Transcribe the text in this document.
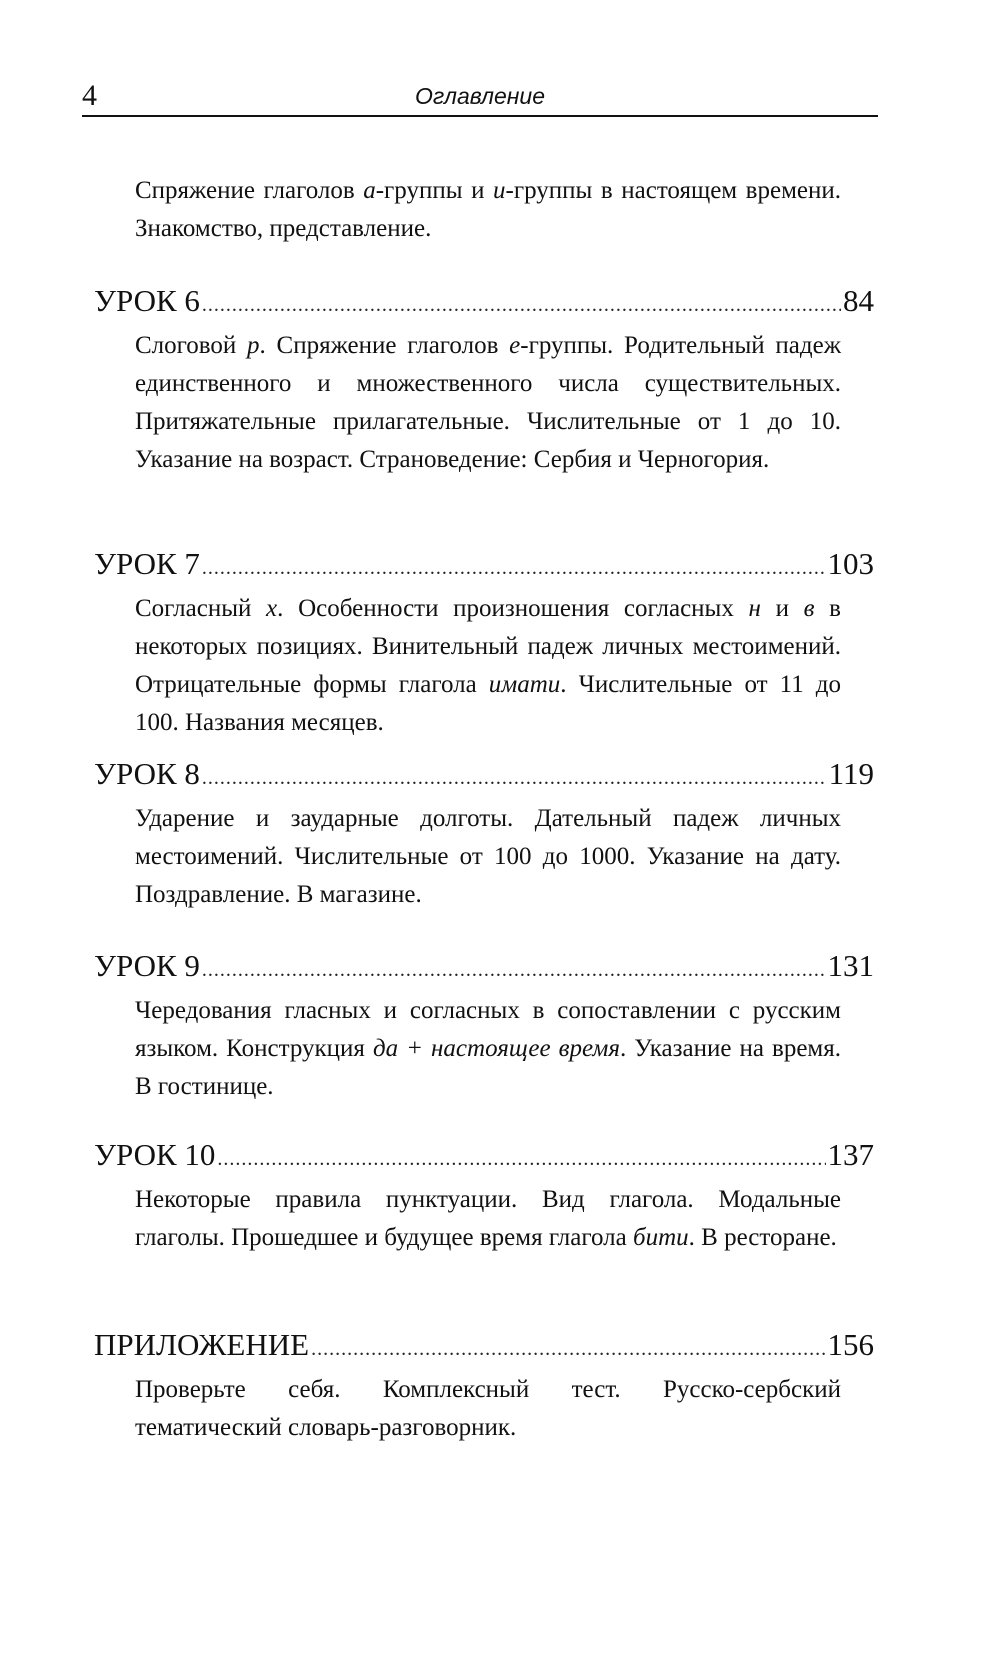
4	Оглавление

Спряжение глаголов а-группы и и-группы в настоящем времени. Знакомство, представление.

УРОК 6 .....	84

Слоговой р. Спряжение глаголов е-группы. Родительный падеж единственного и множественного числа существительных. Притяжательные прилагательные. Числительные от 1 до 10. Указание на возраст. Страноведение: Сербия и Черногория.

УРОК 7 .....	103

Согласный х. Особенности произношения согласных н и в в некоторых позициях. Винительный падеж личных местоимений. Отрицательные формы глагола имати. Числительные от 11 до 100. Названия месяцев.

УРОК 8 .....	119

Ударение и заударные долготы. Дательный падеж личных местоимений. Числительные от 100 до 1000. Указание на дату. Поздравление. В магазине.

УРОК 9 .....	131

Чередования гласных и согласных в сопоставлении с русским языком. Конструкция да + настоящее время. Указание на время. В гостинице.

УРОК 10 .....	137

Некоторые правила пунктуации. Вид глагола. Модальные глаголы. Прошедшее и будущее время глагола бити. В ресторане.

ПРИЛОЖЕНИЕ .....	156

Проверьте себя. Комплексный тест. Русско-сербский тематический словарь-разговорник.
